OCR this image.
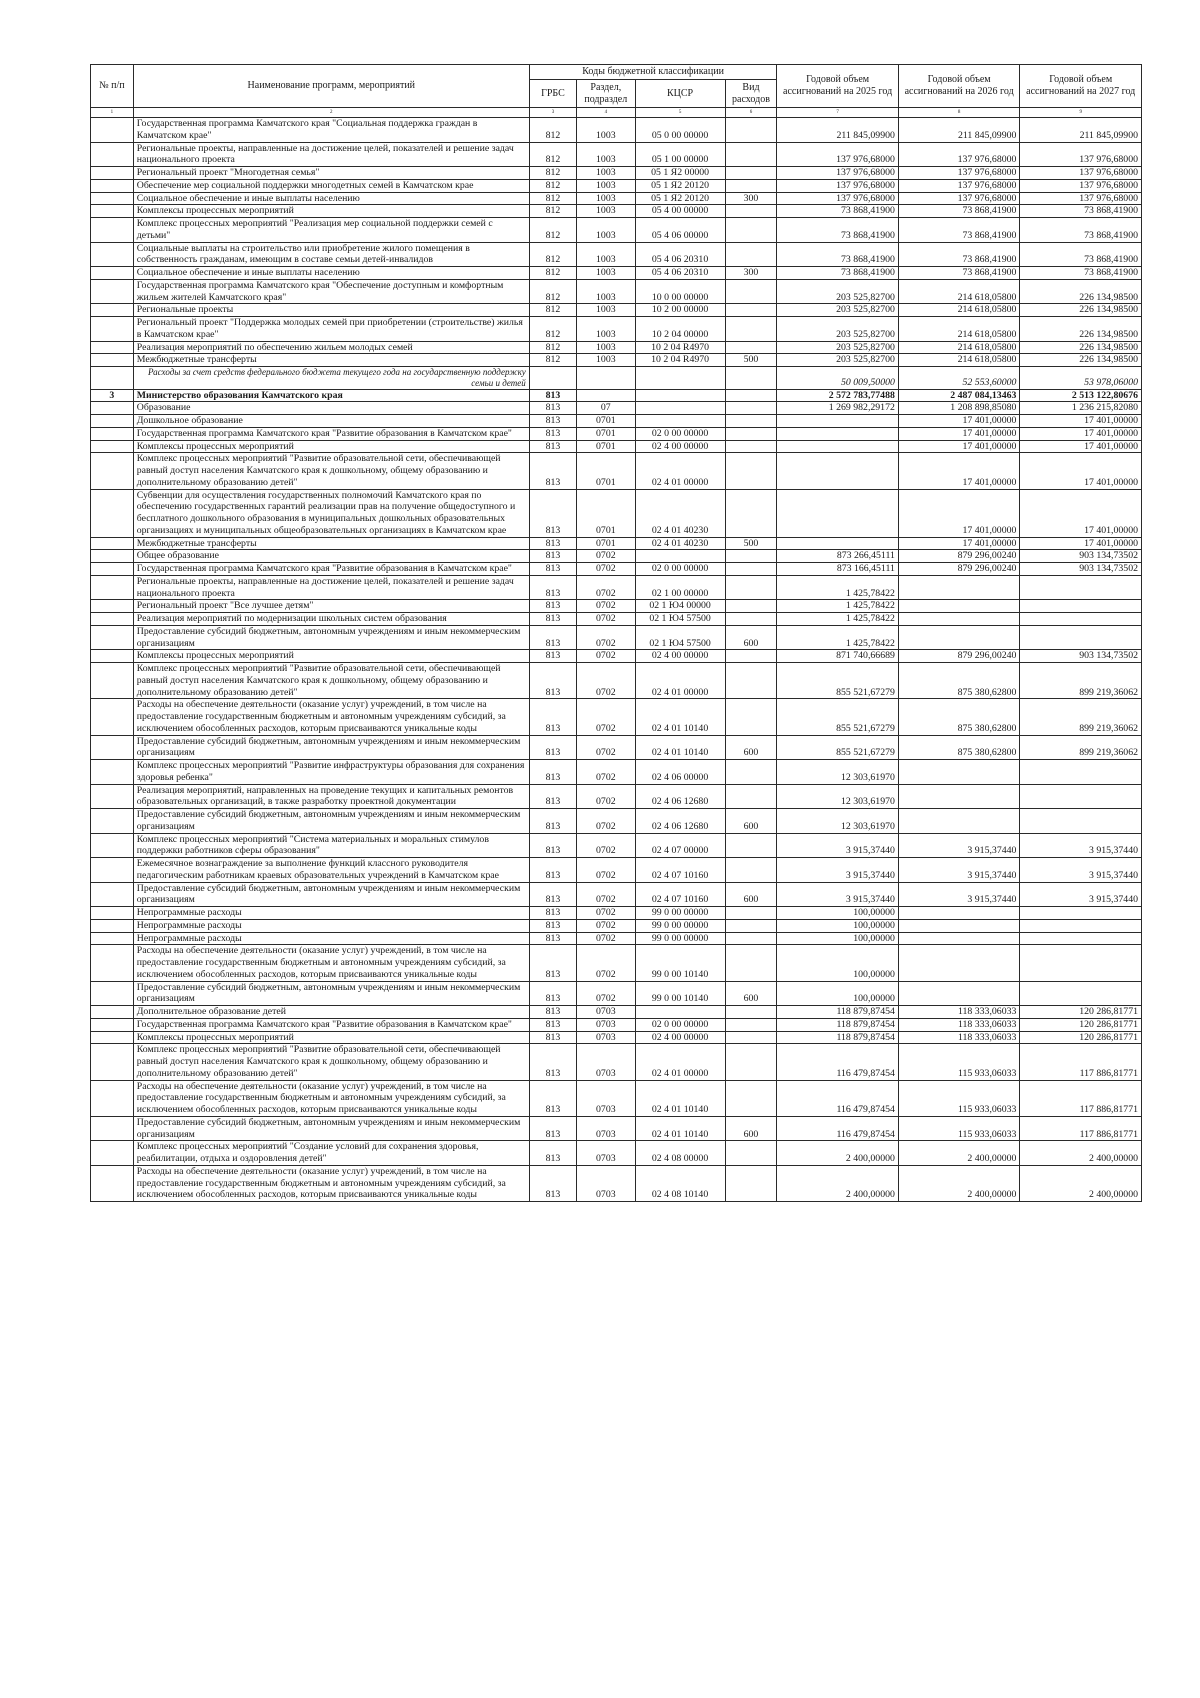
№ п/п	Наименование программ, мероприятий	Коды бюджетной классификации				Годовой объем ассигнований на 2025 год	Годовой объем ассигнований на 2026 год	Годовой объем ассигнований на 2027 год
		ГРБС	Раздел, подраздел	КЦСР	Вид расходов			
1	2	3	4	5	6	7	8	9
	Государственная программа Камчатского края "Социальная поддержка граждан в Камчатском крае"	812	1003	05 0 00 00000		211 845,09900	211 845,09900	211 845,09900
	Региональные проекты, направленные на достижение целей, показателей и решение задач национального проекта	812	1003	05 1 00 00000		137 976,68000	137 976,68000	137 976,68000
	Региональный проект "Многодетная семья"	812	1003	05 1 Я2 00000		137 976,68000	137 976,68000	137 976,68000
	Обеспечение мер социальной поддержки многодетных семей в Камчатском крае	812	1003	05 1 Я2 20120		137 976,68000	137 976,68000	137 976,68000
	Социальное обеспечение и иные выплаты населению	812	1003	05 1 Я2 20120	300	137 976,68000	137 976,68000	137 976,68000
	Комплексы процессных мероприятий	812	1003	05 4 00 00000		73 868,41900	73 868,41900	73 868,41900
	Комплекс процессных мероприятий "Реализация мер социальной поддержки семей с детьми"	812	1003	05 4 06 00000		73 868,41900	73 868,41900	73 868,41900
	Социальные выплаты на строительство или приобретение жилого помещения в собственность гражданам, имеющим в составе семьи детей-инвалидов	812	1003	05 4 06 20310		73 868,41900	73 868,41900	73 868,41900
	Социальное обеспечение и иные выплаты населению	812	1003	05 4 06 20310	300	73 868,41900	73 868,41900	73 868,41900
	Государственная программа Камчатского края "Обеспечение доступным и комфортным жильем жителей Камчатского края"	812	1003	10 0 00 00000		203 525,82700	214 618,05800	226 134,98500
	Региональные проекты	812	1003	10 2 00 00000		203 525,82700	214 618,05800	226 134,98500
	Региональный проект "Поддержка молодых семей при приобретении (строительстве) жилья в Камчатском крае"	812	1003	10 2 04 00000		203 525,82700	214 618,05800	226 134,98500
	Реализация мероприятий по обеспечению жильем молодых семей	812	1003	10 2 04 R4970		203 525,82700	214 618,05800	226 134,98500
	Межбюджетные трансферты	812	1003	10 2 04 R4970	500	203 525,82700	214 618,05800	226 134,98500
	Расходы за счет средств федерального бюджета текущего года на государственную поддержку семьи и детей					50 009,50000	52 553,60000	53 978,06000
3	Министерство образования Камчатского края	813				2 572 783,77488	2 487 084,13463	2 513 122,80676
	Образование	813	07			1 269 982,29172	1 208 898,85080	1 236 215,82080
	Дошкольное образование	813	0701				17 401,00000	17 401,00000
	Государственная программа Камчатского края "Развитие образования в Камчатском крае"	813	0701	02 0 00 00000			17 401,00000	17 401,00000
	Комплексы процессных мероприятий	813	0701	02 4 00 00000			17 401,00000	17 401,00000
	Комплекс процессных мероприятий "Развитие образовательной сети, обеспечивающей равный доступ населения Камчатского края к дошкольному, общему образованию и дополнительному образованию детей"	813	0701	02 4 01 00000			17 401,00000	17 401,00000
	Субвенции для осуществления государственных полномочий Камчатского края по обеспечению государственных гарантий реализации прав на получение общедоступного и бесплатного дошкольного образования в муниципальных дошкольных образовательных организациях и муниципальных общеобразовательных организациях в Камчатском крае	813	0701	02 4 01 40230			17 401,00000	17 401,00000
	Межбюджетные трансферты	813	0701	02 4 01 40230	500		17 401,00000	17 401,00000
	Общее образование	813	0702			873 266,45111	879 296,00240	903 134,73502
	Государственная программа Камчатского края "Развитие образования в Камчатском крае"	813	0702	02 0 00 00000		873 166,45111	879 296,00240	903 134,73502
	Региональные проекты, направленные на достижение целей, показателей и решение задач национального проекта	813	0702	02 1 00 00000		1 425,78422		
	Региональный проект "Все лучшее детям"	813	0702	02 1 Ю4 00000		1 425,78422		
	Реализация мероприятий по модернизации школьных систем образования	813	0702	02 1 Ю4 57500		1 425,78422		
	Предоставление субсидий бюджетным, автономным учреждениям и иным некоммерческим организациям	813	0702	02 1 Ю4 57500	600	1 425,78422		
	Комплексы процессных мероприятий	813	0702	02 4 00 00000		871 740,66689	879 296,00240	903 134,73502
	Комплекс процессных мероприятий "Развитие образовательной сети, обеспечивающей равный доступ населения Камчатского края к дошкольному, общему образованию и дополнительному образованию детей"	813	0702	02 4 01 00000		855 521,67279	875 380,62800	899 219,36062
	Расходы на обеспечение деятельности (оказание услуг) учреждений, в том числе на предоставление государственным бюджетным и автономным учреждениям субсидий, за исключением обособленных расходов, которым присваиваются уникальные коды	813	0702	02 4 01 10140		855 521,67279	875 380,62800	899 219,36062
	Предоставление субсидий бюджетным, автономным учреждениям и иным некоммерческим организациям	813	0702	02 4 01 10140	600	855 521,67279	875 380,62800	899 219,36062
	Комплекс процессных мероприятий "Развитие инфраструктуры образования для сохранения здоровья ребенка"	813	0702	02 4 06 00000		12 303,61970		
	Реализация мероприятий, направленных на проведение текущих и капитальных ремонтов образовательных организаций, в также разработку проектной документации	813	0702	02 4 06 12680		12 303,61970		
	Предоставление субсидий бюджетным, автономным учреждениям и иным некоммерческим организациям	813	0702	02 4 06 12680	600	12 303,61970		
	Комплекс процессных мероприятий "Система материальных и моральных стимулов поддержки работников сферы образования"	813	0702	02 4 07 00000		3 915,37440	3 915,37440	3 915,37440
	Ежемесячное вознаграждение за выполнение функций классного руководителя педагогическим работникам краевых образовательных учреждений в Камчатском крае	813	0702	02 4 07 10160		3 915,37440	3 915,37440	3 915,37440
	Предоставление субсидий бюджетным, автономным учреждениям и иным некоммерческим организациям	813	0702	02 4 07 10160	600	3 915,37440	3 915,37440	3 915,37440
	Непрограммные расходы	813	0702	99 0 00 00000		100,00000		
	Непрограммные расходы	813	0702	99 0 00 00000		100,00000		
	Непрограммные расходы	813	0702	99 0 00 00000		100,00000		
	Расходы на обеспечение деятельности (оказание услуг) учреждений, в том числе на предоставление государственным бюджетным и автономным учреждениям субсидий, за исключением обособленных расходов, которым присваиваются уникальные коды	813	0702	99 0 00 10140		100,00000		
	Предоставление субсидий бюджетным, автономным учреждениям и иным некоммерческим организациям	813	0702	99 0 00 10140	600	100,00000		
	Дополнительное образование детей	813	0703			118 879,87454	118 333,06033	120 286,81771
	Государственная программа Камчатского края "Развитие образования в Камчатском крае"	813	0703	02 0 00 00000		118 879,87454	118 333,06033	120 286,81771
	Комплексы процессных мероприятий	813	0703	02 4 00 00000		118 879,87454	118 333,06033	120 286,81771
	Комплекс процессных мероприятий "Развитие образовательной сети, обеспечивающей равный доступ населения Камчатского края к дошкольному, общему образованию и дополнительному образованию детей"	813	0703	02 4 01 00000		116 479,87454	115 933,06033	117 886,81771
	Расходы на обеспечение деятельности (оказание услуг) учреждений, в том числе на предоставление государственным бюджетным и автономным учреждениям субсидий, за исключением обособленных расходов, которым присваиваются уникальные коды	813	0703	02 4 01 10140		116 479,87454	115 933,06033	117 886,81771
	Предоставление субсидий бюджетным, автономным учреждениям и иным некоммерческим организациям	813	0703	02 4 01 10140	600	116 479,87454	115 933,06033	117 886,81771
	Комплекс процессных мероприятий "Создание условий для сохранения здоровья, реабилитации, отдыха и оздоровления детей"	813	0703	02 4 08 00000		2 400,00000	2 400,00000	2 400,00000
	Расходы на обеспечение деятельности (оказание услуг) учреждений, в том числе на предоставление государственным бюджетным и автономным учреждениям субсидий, за исключением обособленных расходов, которым присваиваются уникальные коды	813	0703	02 4 08 10140		2 400,00000	2 400,00000	2 400,00000
